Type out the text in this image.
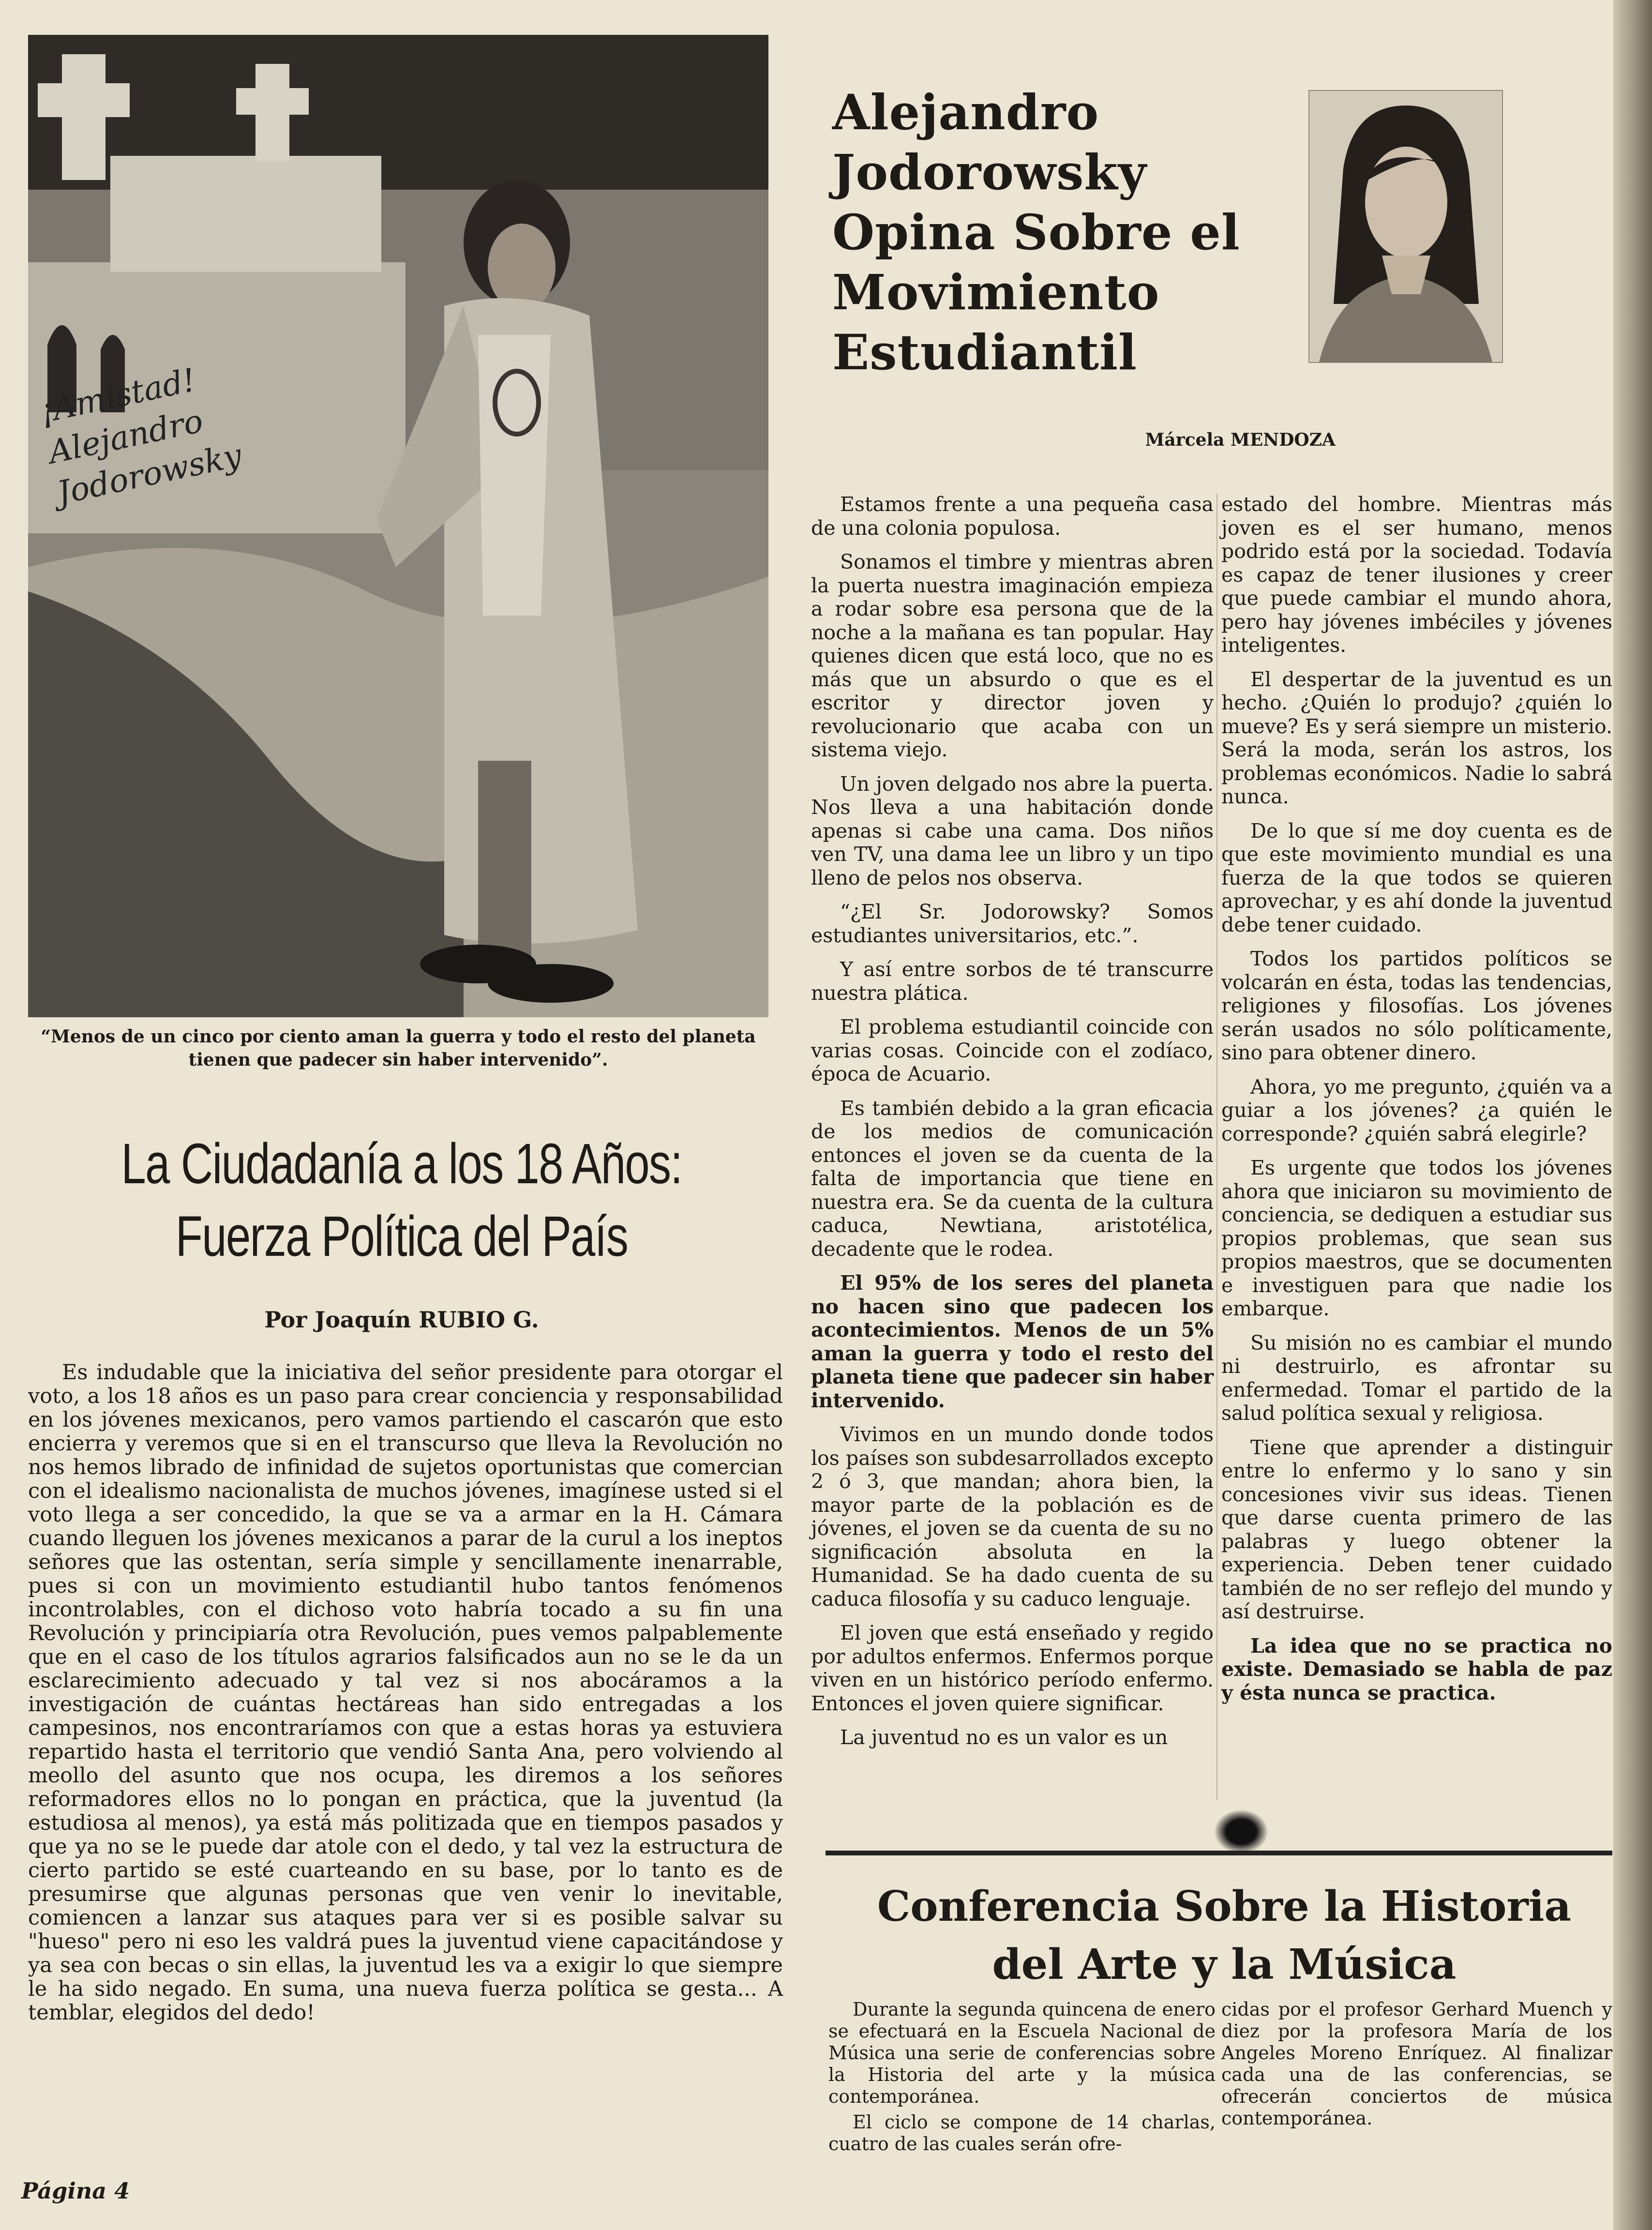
¡Amistad! Alejandro Jodorowsky
“Menos de un cinco por ciento aman la guerra y todo el resto del planeta tienen que padecer sin haber intervenido”.
La Ciudadanía a los 18 Años:
Fuerza Política del País
Por Joaquín RUBIO G.

Es indudable que la iniciativa del señor presidente para otorgar el voto, a los 18 años es un paso para crear conciencia y responsabilidad en los jóvenes mexicanos, pero vamos partiendo el cascarón que esto encierra y veremos que si en el transcurso que lleva la Revolución no nos hemos librado de infinidad de sujetos oportunistas que comercian con el idealismo nacionalista de muchos jóvenes, imagínese usted si el voto llega a ser concedido, la que se va a armar en la H. Cámara cuando lleguen los jóvenes mexicanos a parar de la curul a los ineptos señores que las ostentan, sería simple y sencillamente inenarrable, pues si con un movimiento estudiantil hubo tantos fenómenos incontrolables, con el dichoso voto habría tocado a su fin una Revolución y principiaría otra Revolución, pues vemos palpablemente que en el caso de los títulos agrarios falsificados aun no se le da un esclarecimiento adecuado y tal vez si nos abocáramos a la investigación de cuántas hectáreas han sido entregadas a los campesinos, nos encontraríamos con que a estas horas ya estuviera repartido hasta el territorio que vendió Santa Ana, pero volviendo al meollo del asunto que nos ocupa, les diremos a los señores reformadores ellos no lo pongan en práctica, que la juventud (la estudiosa al menos), ya está más politizada que en tiempos pasados y que ya no se le puede dar atole con el dedo, y tal vez la estructura de cierto partido se esté cuarteando en su base, por lo tanto es de presumirse que algunas personas que ven venir lo inevitable, comiencen a lanzar sus ataques para ver si es posible salvar su "hueso" pero ni eso les valdrá pues la juventud viene capacitándose y ya sea con becas o sin ellas, la juventud les va a exigir lo que siempre le ha sido negado. En suma, una nueva fuerza política se gesta... A temblar, elegidos del dedo!

Página 4
Alejandro
Jodorowsky
Opina Sobre el
Movimiento
Estudiantil
Márcela MENDOZA

Estamos frente a una pequeña casa de una colonia populosa.

Sonamos el timbre y mientras abren la puerta nuestra imaginación empieza a rodar sobre esa persona que de la noche a la mañana es tan popular. Hay quienes dicen que está loco, que no es más que un absurdo o que es el escritor y director joven y revolucionario que acaba con un sistema viejo.

Un joven delgado nos abre la puerta. Nos lleva a una habitación donde apenas si cabe una cama. Dos niños ven TV, una dama lee un libro y un tipo lleno de pelos nos observa.

“¿El Sr. Jodorowsky? Somos estudiantes universitarios, etc.”.

Y así entre sorbos de té transcurre nuestra plática.

El problema estudiantil coincide con varias cosas. Coincide con el zodíaco, época de Acuario.

Es también debido a la gran eficacia de los medios de comunicación entonces el joven se da cuenta de la falta de importancia que tiene en nuestra era. Se da cuenta de la cultura caduca, Newtiana, aristotélica, decadente que le rodea.

El 95% de los seres del planeta no hacen sino que padecen los acontecimientos. Menos de un 5% aman la guerra y todo el resto del planeta tiene que padecer sin haber intervenido.

Vivimos en un mundo donde todos los países son subdesarrollados excepto 2 ó 3, que mandan; ahora bien, la mayor parte de la población es de jóvenes, el joven se da cuenta de su no significación absoluta en la Humanidad. Se ha dado cuenta de su caduca filosofía y su caduco lenguaje.

El joven que está enseñado y regido por adultos enfermos. Enfermos porque viven en un histórico período enfermo. Entonces el joven quiere significar.

La juventud no es un valor es un

estado del hombre. Mientras más joven es el ser humano, menos podrido está por la sociedad. Todavía es capaz de tener ilusiones y creer que puede cambiar el mundo ahora, pero hay jóvenes imbéciles y jóvenes inteligentes.

El despertar de la juventud es un hecho. ¿Quién lo produjo? ¿quién lo mueve? Es y será siempre un misterio. Será la moda, serán los astros, los problemas económicos. Nadie lo sabrá nunca.

De lo que sí me doy cuenta es de que este movimiento mundial es una fuerza de la que todos se quieren aprovechar, y es ahí donde la juventud debe tener cuidado.

Todos los partidos políticos se volcarán en ésta, todas las tendencias, religiones y filosofías. Los jóvenes serán usados no sólo políticamente, sino para obtener dinero.

Ahora, yo me pregunto, ¿quién va a guiar a los jóvenes? ¿a quién le corresponde? ¿quién sabrá elegirle?

Es urgente que todos los jóvenes ahora que iniciaron su movimiento de conciencia, se dediquen a estudiar sus propios problemas, que sean sus propios maestros, que se documenten e investiguen para que nadie los embarque.

Su misión no es cambiar el mundo ni destruirlo, es afrontar su enfermedad. Tomar el partido de la salud política sexual y religiosa.

Tiene que aprender a distinguir entre lo enfermo y lo sano y sin concesiones vivir sus ideas. Tienen que darse cuenta primero de las palabras y luego obtener la experiencia. Deben tener cuidado también de no ser reflejo del mundo y así destruirse.

La idea que no se practica no existe. Demasiado se habla de paz y ésta nunca se practica.

Conferencia Sobre la Historia
del Arte y la Música

Durante la segunda quincena de enero se efectuará en la Escuela Nacional de Música una serie de conferencias sobre la Historia del arte y la música contemporánea.

El ciclo se compone de 14 charlas, cuatro de las cuales serán ofre-

cidas por el profesor Gerhard Muench y diez por la profesora María de los Angeles Moreno Enríquez. Al finalizar cada una de las conferencias, se ofrecerán conciertos de música contemporánea.
